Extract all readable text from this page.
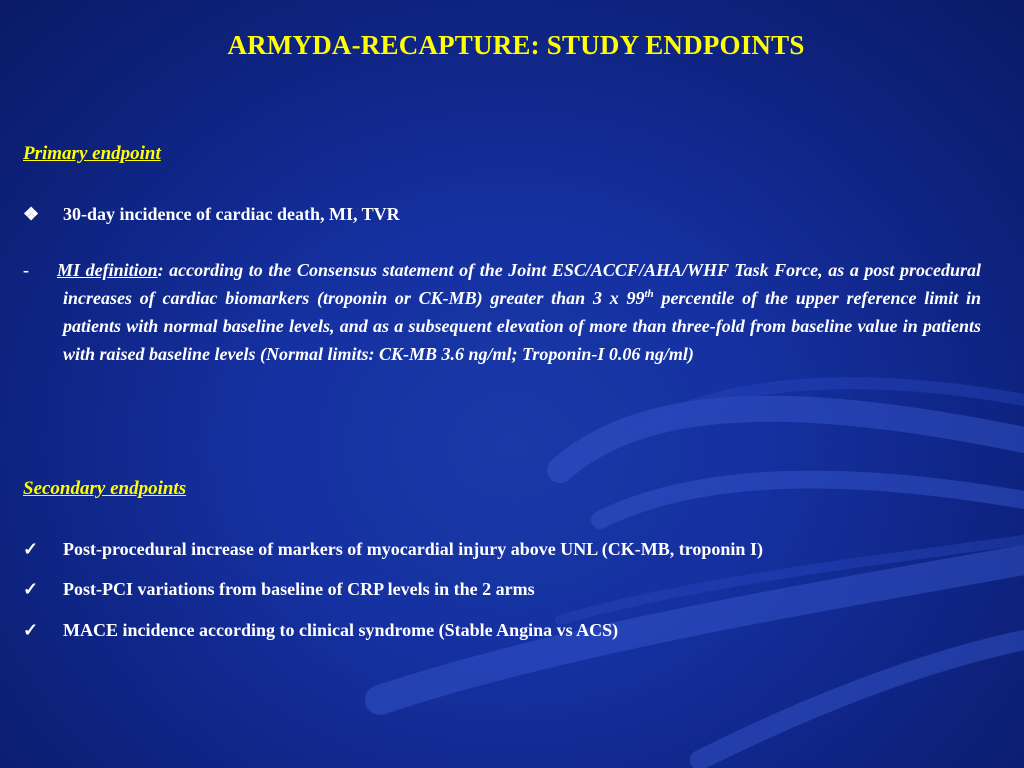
ARMYDA-RECAPTURE: STUDY ENDPOINTS
Primary endpoint
❖ 30-day incidence of cardiac death, MI, TVR
- MI definition: according to the Consensus statement of the Joint ESC/ACCF/AHA/WHF Task Force, as a post procedural increases of cardiac biomarkers (troponin or CK-MB) greater than 3 x 99th percentile of the upper reference limit in patients with normal baseline levels, and as a subsequent elevation of more than three-fold from baseline value in patients with raised baseline levels (Normal limits: CK-MB 3.6 ng/ml; Troponin-I 0.06 ng/ml)
Secondary endpoints
✓ Post-procedural increase of markers of myocardial injury above UNL (CK-MB, troponin I)
✓ Post-PCI variations from baseline of CRP levels in the 2 arms
✓ MACE incidence according to clinical syndrome (Stable Angina vs ACS)
